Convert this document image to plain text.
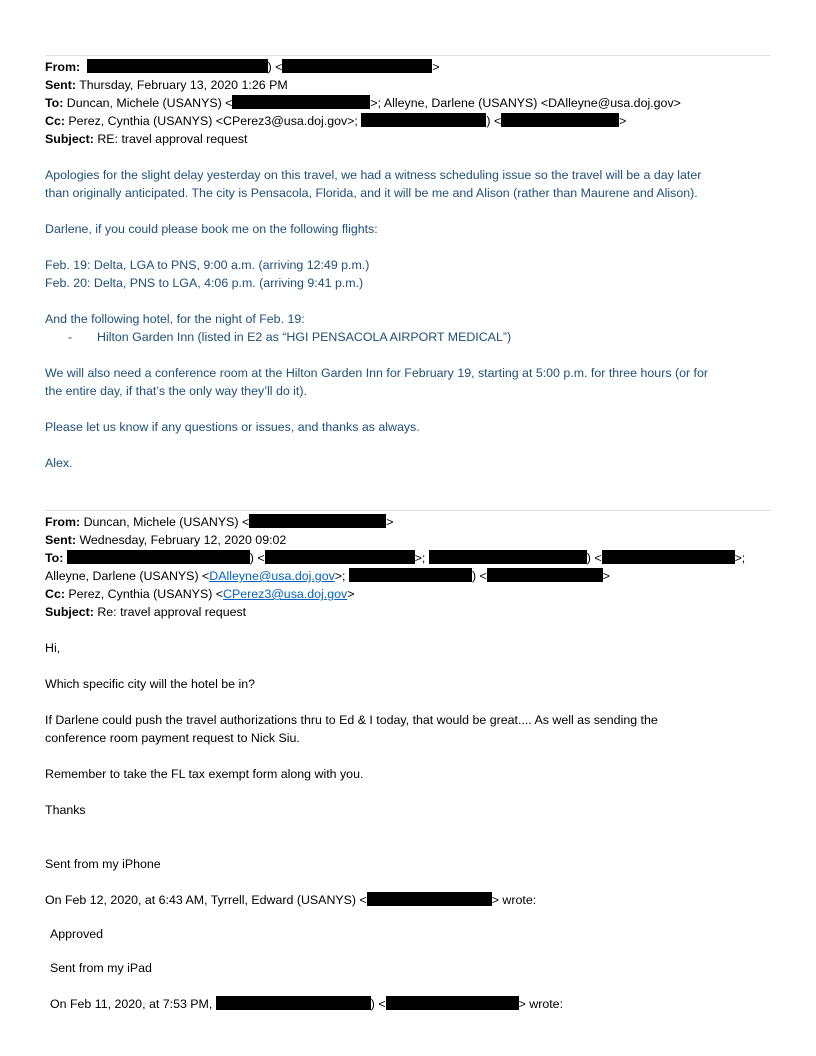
From:	) <	>
Sent: Thursday, February 13, 2020 1:26 PM
To: Duncan, Michele (USANYS) <	>; Alleyne, Darlene (USANYS) <DAlleyne@usa.doj.gov>
Cc: Perez, Cynthia (USANYS) <CPerez3@usa.doj.gov>;	) <	>
Subject: RE: travel approval request
Apologies for the slight delay yesterday on this travel, we had a witness scheduling issue so the travel will be a day later
than originally anticipated. The city is Pensacola, Florida, and it will be me and Alison (rather than Maurene and Alison).
Darlene, if you could please book me on the following flights:
Feb. 19: Delta, LGA to PNS, 9:00 a.m. (arriving 12:49 p.m.)
Feb. 20: Delta, PNS to LGA, 4:06 p.m. (arriving 9:41 p.m.)
And the following hotel, for the night of Feb. 19:
- Hilton Garden Inn (listed in E2 as “HGI PENSACOLA AIRPORT MEDICAL”)
We will also need a conference room at the Hilton Garden Inn for February 19, starting at 5:00 p.m. for three hours (or for
the entire day, if that’s the only way they’ll do it).
Please let us know if any questions or issues, and thanks as always.
Alex.
From: Duncan, Michele (USANYS) <	>
Sent: Wednesday, February 12, 2020 09:02
To:	) <	>;	) <	>;
Alleyne, Darlene (USANYS) <DAlleyne@usa.doj.gov>;	) <	>
Cc: Perez, Cynthia (USANYS) <CPerez3@usa.doj.gov>
Subject: Re: travel approval request
Hi,
Which specific city will the hotel be in?
If Darlene could push the travel authorizations thru to Ed & I today, that would be great.... As well as sending the
conference room payment request to Nick Siu.
Remember to take the FL tax exempt form along with you.
Thanks
Sent from my iPhone
On Feb 12, 2020, at 6:43 AM, Tyrrell, Edward (USANYS) <	> wrote:
Approved
Sent from my iPad
On Feb 11, 2020, at 7:53 PM,	) <	> wrote:
